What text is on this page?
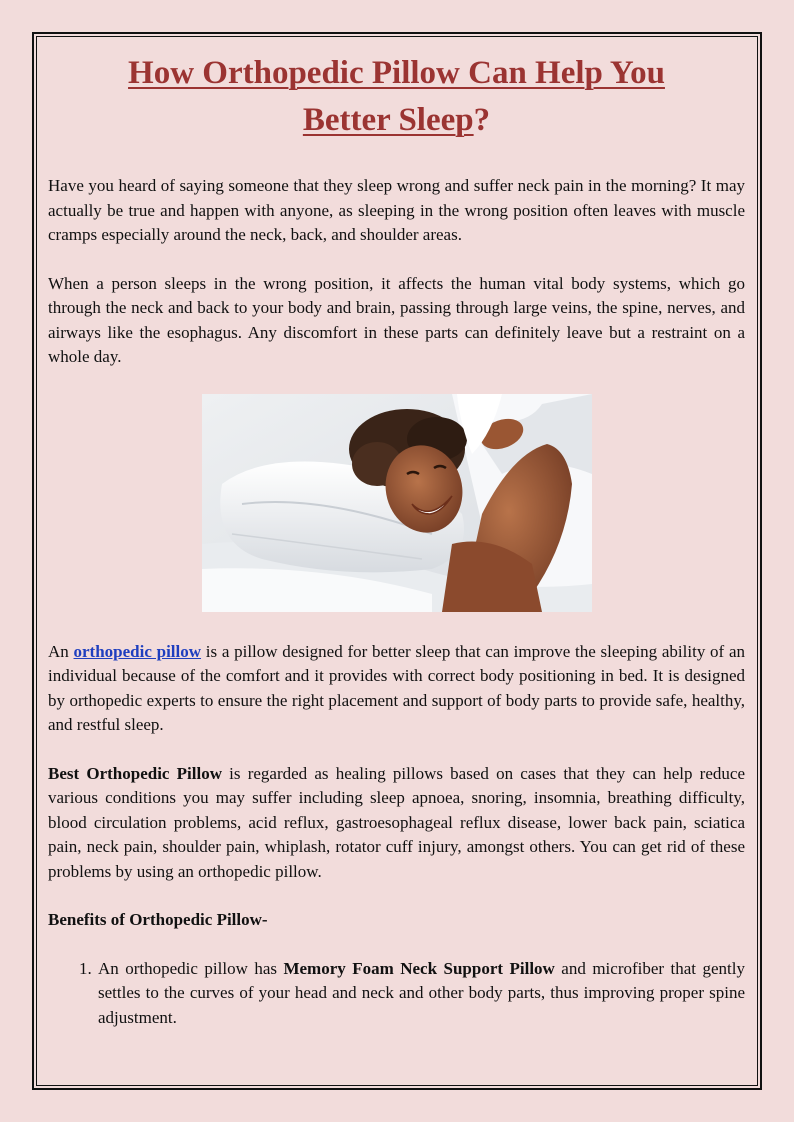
How Orthopedic Pillow Can Help You
Better Sleep?

Have you heard of saying someone that they sleep wrong and suffer neck pain in the morning? It may actually be true and happen with anyone, as sleeping in the wrong position often leaves with muscle cramps especially around the neck, back, and shoulder areas.

When a person sleeps in the wrong position, it affects the human vital body systems, which go through the neck and back to your body and brain, passing through large veins, the spine, nerves, and airways like the esophagus. Any discomfort in these parts can definitely leave but a restraint on a whole day.

An orthopedic pillow is a pillow designed for better sleep that can improve the sleeping ability of an individual because of the comfort and it provides with correct body positioning in bed. It is designed by orthopedic experts to ensure the right placement and support of body parts to provide safe, healthy, and restful sleep.

Best Orthopedic Pillow is regarded as healing pillows based on cases that they can help reduce various conditions you may suffer including sleep apnoea, snoring, insomnia, breathing difficulty, blood circulation problems, acid reflux, gastroesophageal reflux disease, lower back pain, sciatica pain, neck pain, shoulder pain, whiplash, rotator cuff injury, amongst others. You can get rid of these problems by using an orthopedic pillow.

Benefits of Orthopedic Pillow-
1. An orthopedic pillow has Memory Foam Neck Support Pillow and microfiber that gently settles to the curves of your head and neck and other body parts, thus improving proper spine adjustment.
